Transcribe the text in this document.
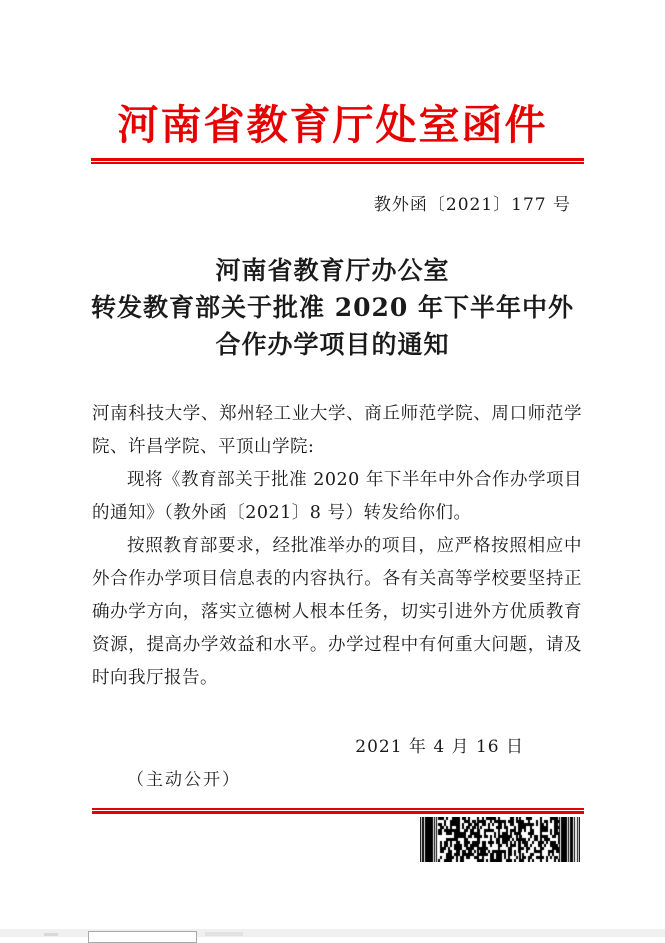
河南省教育厅处室函件
教外函〔2021〕177 号
河南省教育厅办公室
转发教育部关于批准 2020 年下半年中外
合作办学项目的通知

河南科技大学、郑州轻工业大学、商丘师范学院、周口师范学院、许昌学院、平顶山学院:

现将《教育部关于批准 2020 年下半年中外合作办学项目的通知》（教外函〔2021〕8 号）转发给你们。

按照教育部要求，经批准举办的项目，应严格按照相应中外合作办学项目信息表的内容执行。各有关高等学校要坚持正确办学方向，落实立德树人根本任务，切实引进外方优质教育资源，提高办学效益和水平。办学过程中有何重大问题，请及时向我厅报告。

2021 年 4 月 16 日
（主动公开）
